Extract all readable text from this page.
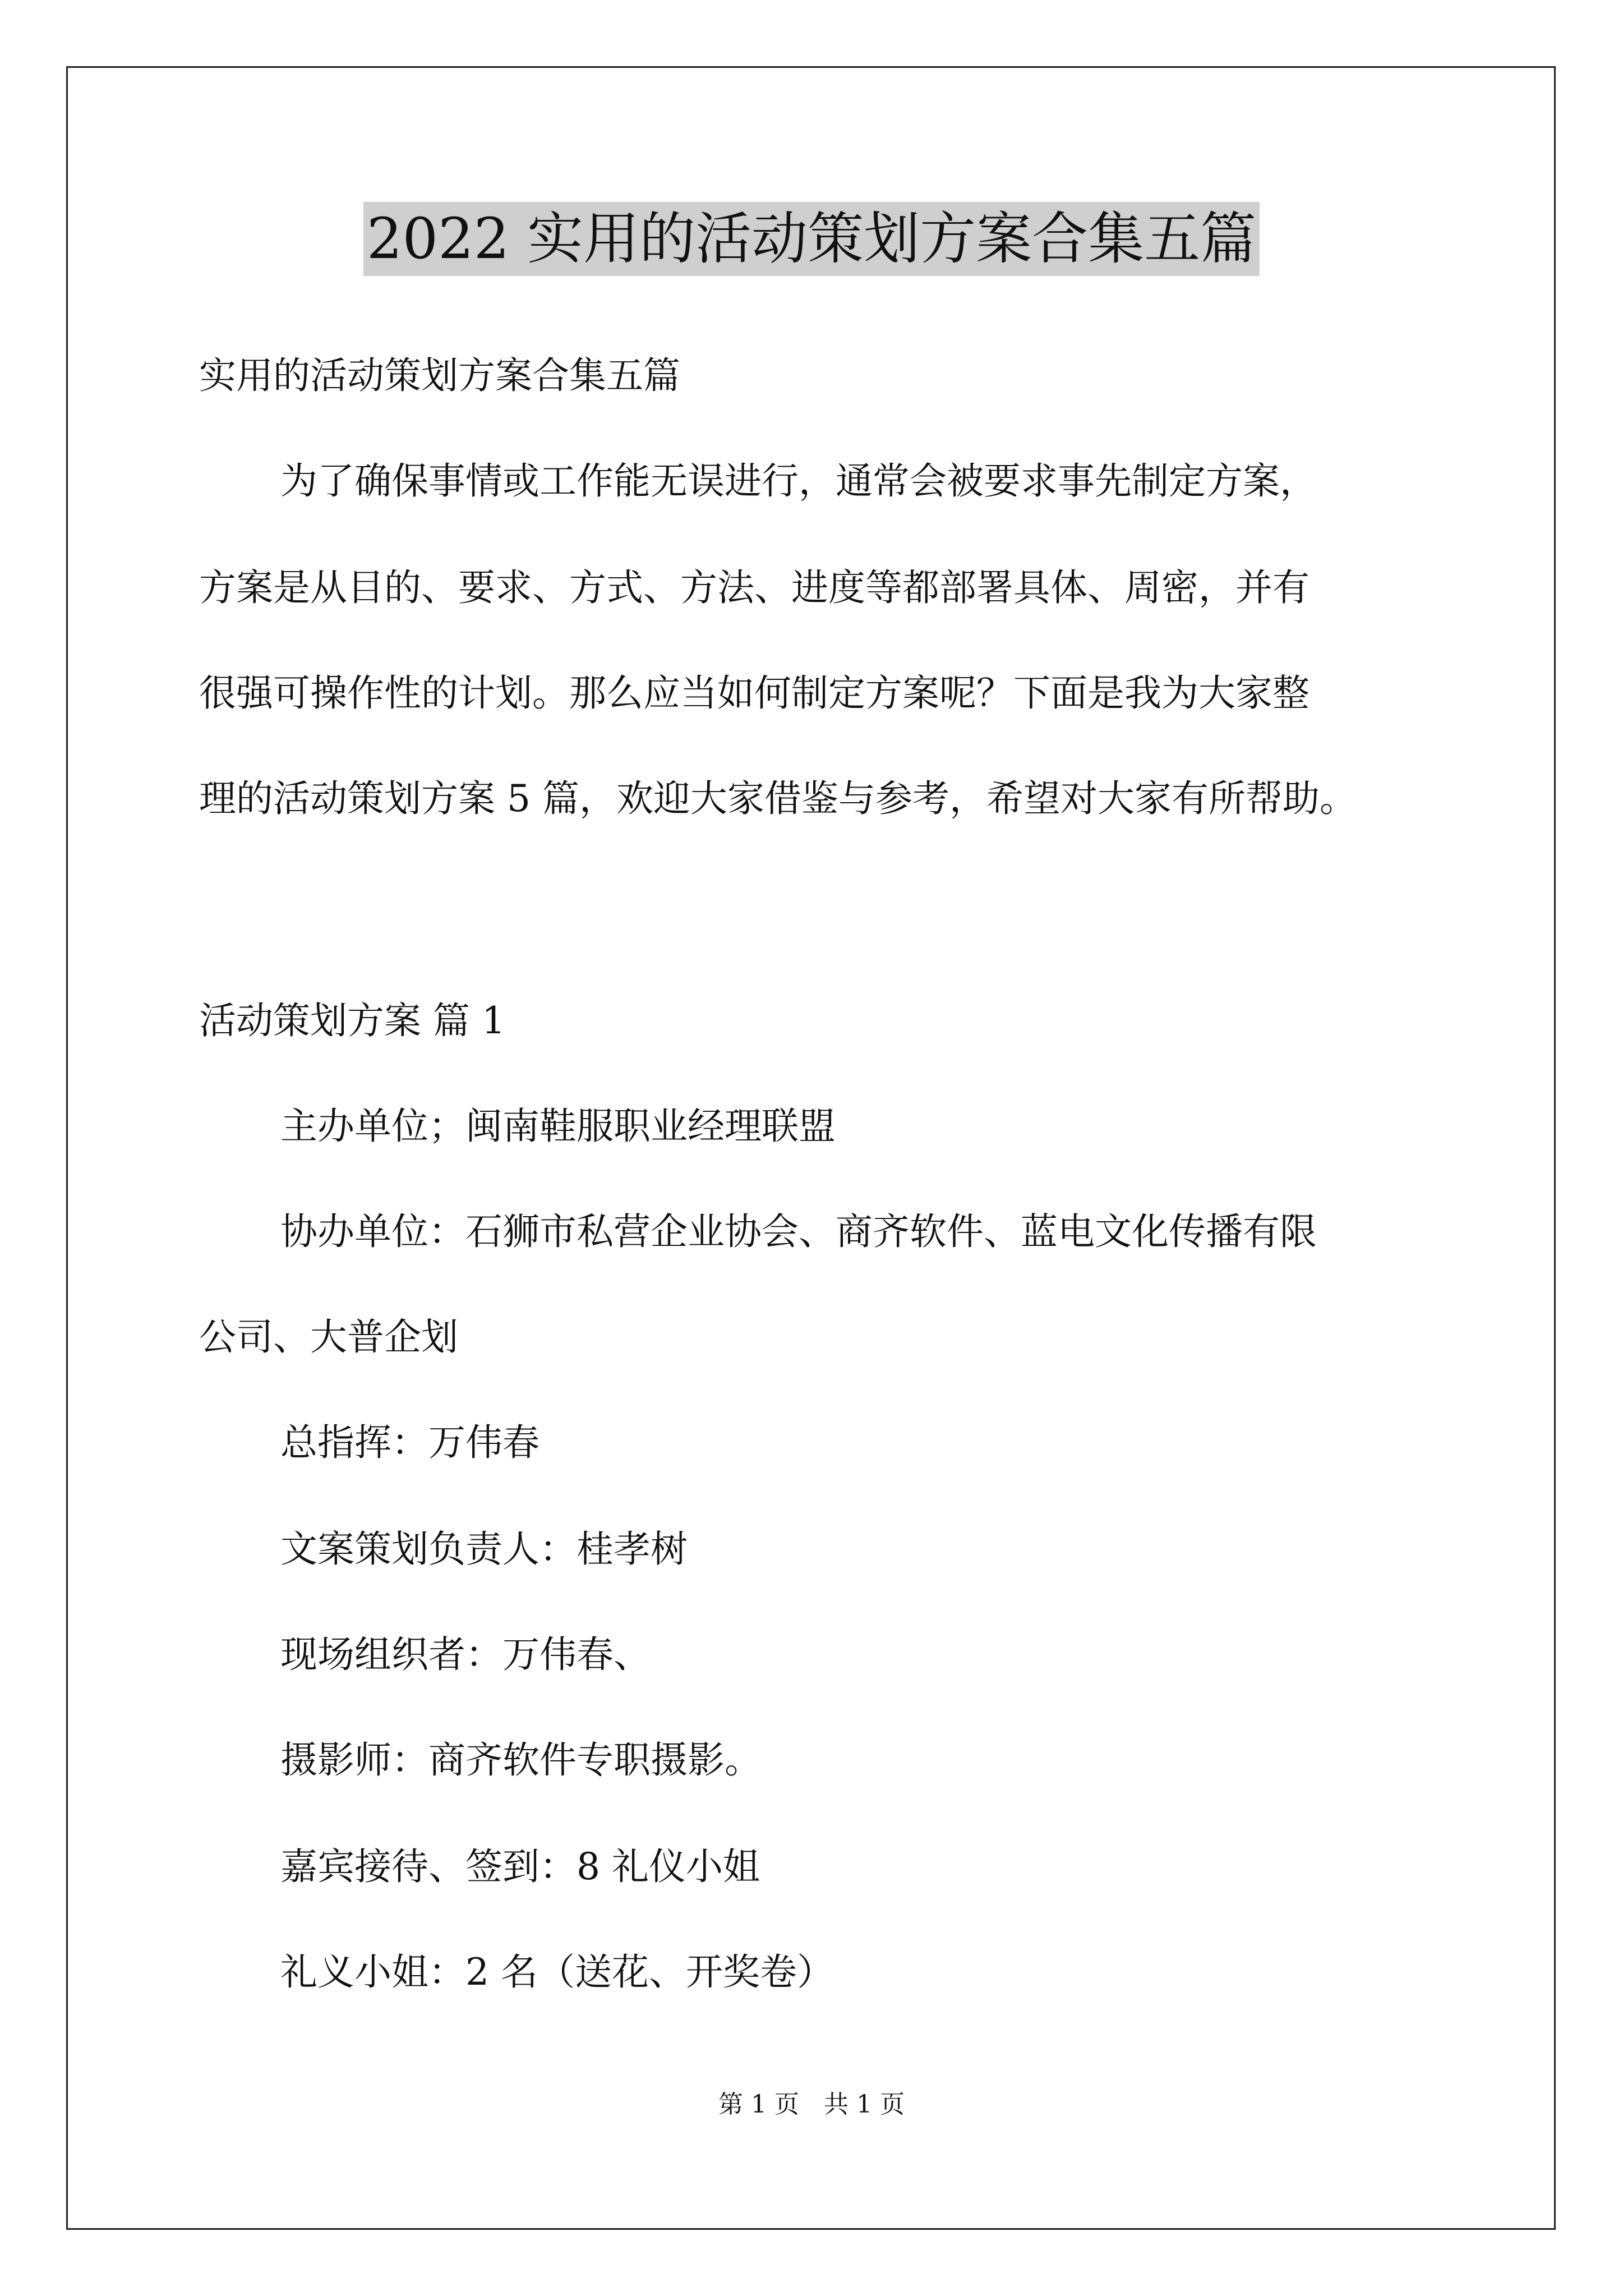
2022 实用的活动策划方案合集五篇

实用的活动策划方案合集五篇

为了确保事情或工作能无误进行，通常会被要求事先制定方案，

方案是从目的、要求、方式、方法、进度等都部署具体、周密，并有

很强可操作性的计划。那么应当如何制定方案呢？下面是我为大家整

理的活动策划方案 5 篇，欢迎大家借鉴与参考，希望对大家有所帮助。

活动策划方案 篇 1

主办单位；闽南鞋服职业经理联盟

协办单位：石狮市私营企业协会、商齐软件、蓝电文化传播有限

公司、大普企划

总指挥：万伟春

文案策划负责人：桂孝树

现场组织者：万伟春、

摄影师：商齐软件专职摄影。

嘉宾接待、签到：8 礼仪小姐

礼义小姐：2 名（送花、开奖卷）

第 1 页　共 1 页
